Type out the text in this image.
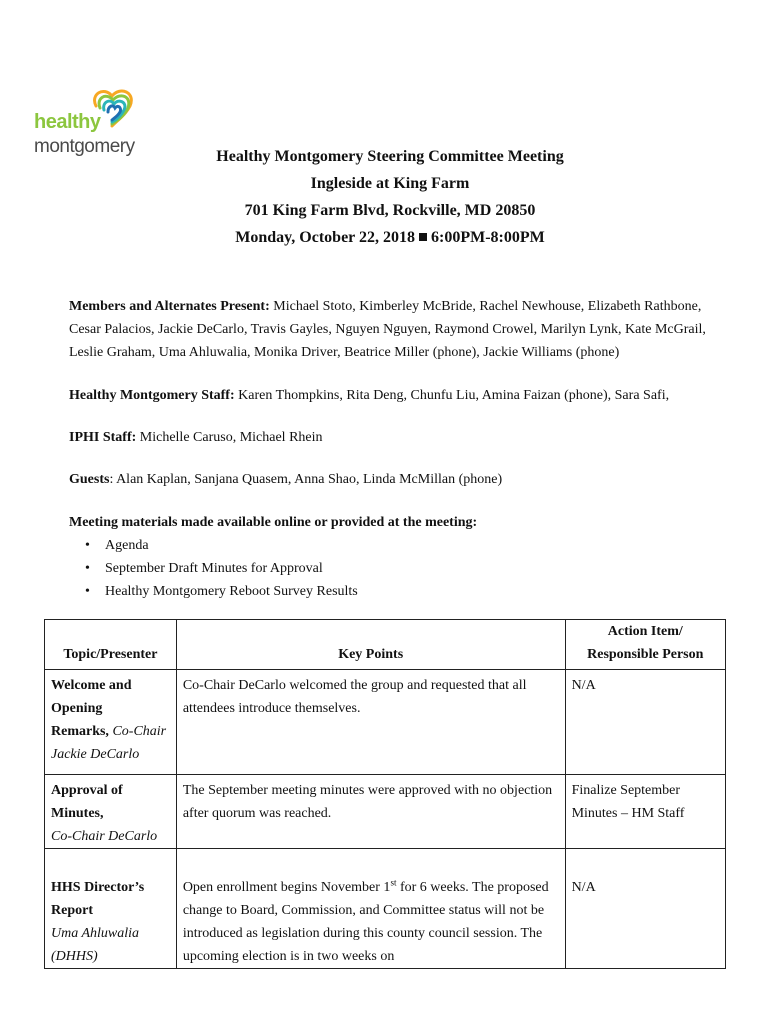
healthy
montgomery	Healthy Montgomery Steering Committee Meeting
Ingleside at King Farm
701 King Farm Blvd, Rockville, MD 20850
Monday, October 22, 2018 6:00PM-8:00PM
Members and Alternates Present: Michael Stoto, Kimberley McBride, Rachel Newhouse, Elizabeth Rathbone, Cesar Palacios, Jackie DeCarlo, Travis Gayles, Nguyen Nguyen, Raymond Crowel, Marilyn Lynk, Kate McGrail, Leslie Graham, Uma Ahluwalia, Monika Driver, Beatrice Miller (phone), Jackie Williams (phone)
Healthy Montgomery Staff: Karen Thompkins, Rita Deng, Chunfu Liu, Amina Faizan (phone), Sara Safi,
IPHI Staff: Michelle Caruso, Michael Rhein
Guests: Alan Kaplan, Sanjana Quasem, Anna Shao, Linda McMillan (phone)
Meeting materials made available online or provided at the meeting:
• Agenda
• September Draft Minutes for Approval
• Healthy Montgomery Reboot Survey Results
Topic/Presenter	Key Points	Action Item/
Responsible Person
Welcome and Opening
Remarks, Co-Chair
Jackie DeCarlo	Co-Chair DeCarlo welcomed the group and requested that all attendees introduce themselves.	N/A
Approval of Minutes,
Co-Chair DeCarlo	The September meeting minutes were approved with no objection after quorum was reached.	Finalize September Minutes – HM Staff
HHS Director’s Report
Uma Ahluwalia (DHHS)	Open enrollment begins November 1st for 6 weeks. The proposed change to Board, Commission, and Committee status will not be introduced as legislation during this county council session. The upcoming election is in two weeks on	N/A
